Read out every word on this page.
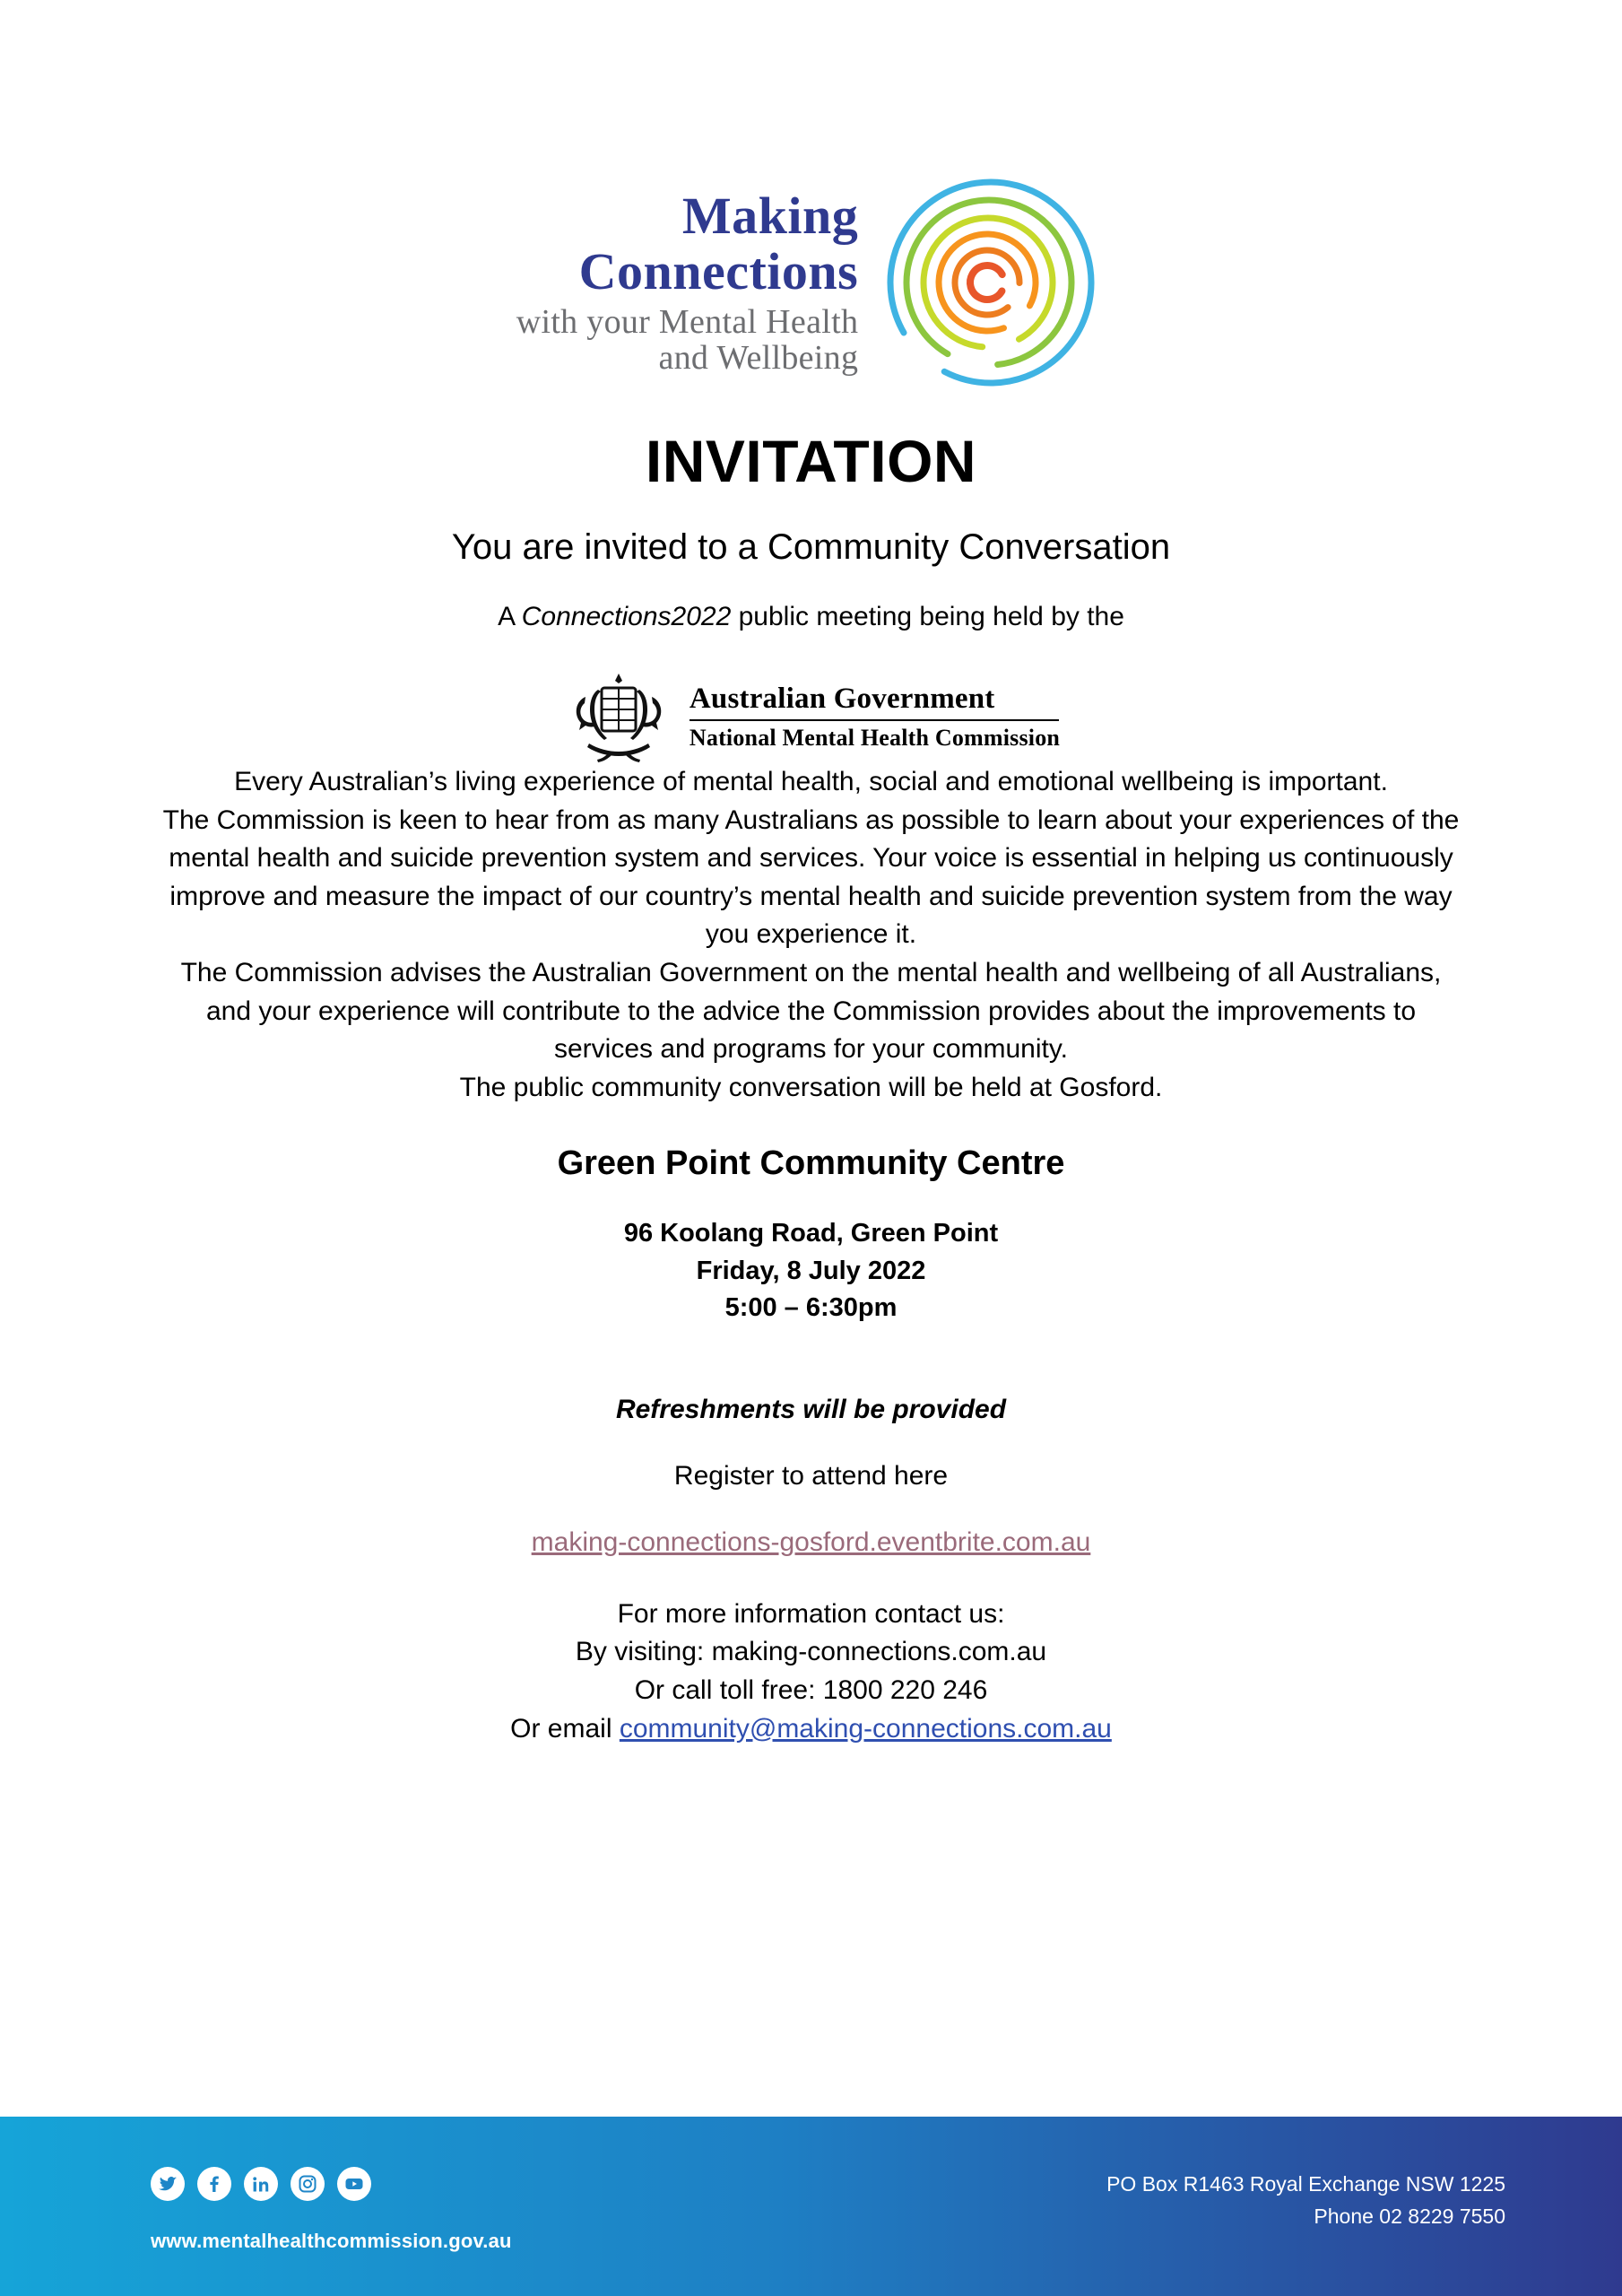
Making
Connections
with your Mental Health
and Wellbeing
INVITATION
You are invited to a Community Conversation
A Connections2022 public meeting being held by the
Australian Government
National Mental Health Commission

Every Australian’s living experience of mental health, social and emotional wellbeing is important.

The Commission is keen to hear from as many Australians as possible to learn about your experiences of the mental health and suicide prevention system and services. Your voice is essential in helping us continuously improve and measure the impact of our country’s mental health and suicide prevention system from the way you experience it.

The Commission advises the Australian Government on the mental health and wellbeing of all Australians, and your experience will contribute to the advice the Commission provides about the improvements to services and programs for your community.

The public community conversation will be held at Gosford.

Green Point Community Centre
96 Koolang Road, Green Point
Friday, 8 July 2022
5:00 – 6:30pm
Refreshments will be provided
Register to attend here
making-connections-gosford.eventbrite.com.au
For more information contact us:
By visiting: making-connections.com.au
Or call toll free: 1800 220 246
Or email community@making-connections.com.au
www.mentalhealthcommission.gov.au
PO Box R1463 Royal Exchange NSW 1225
Phone 02 8229 7550
